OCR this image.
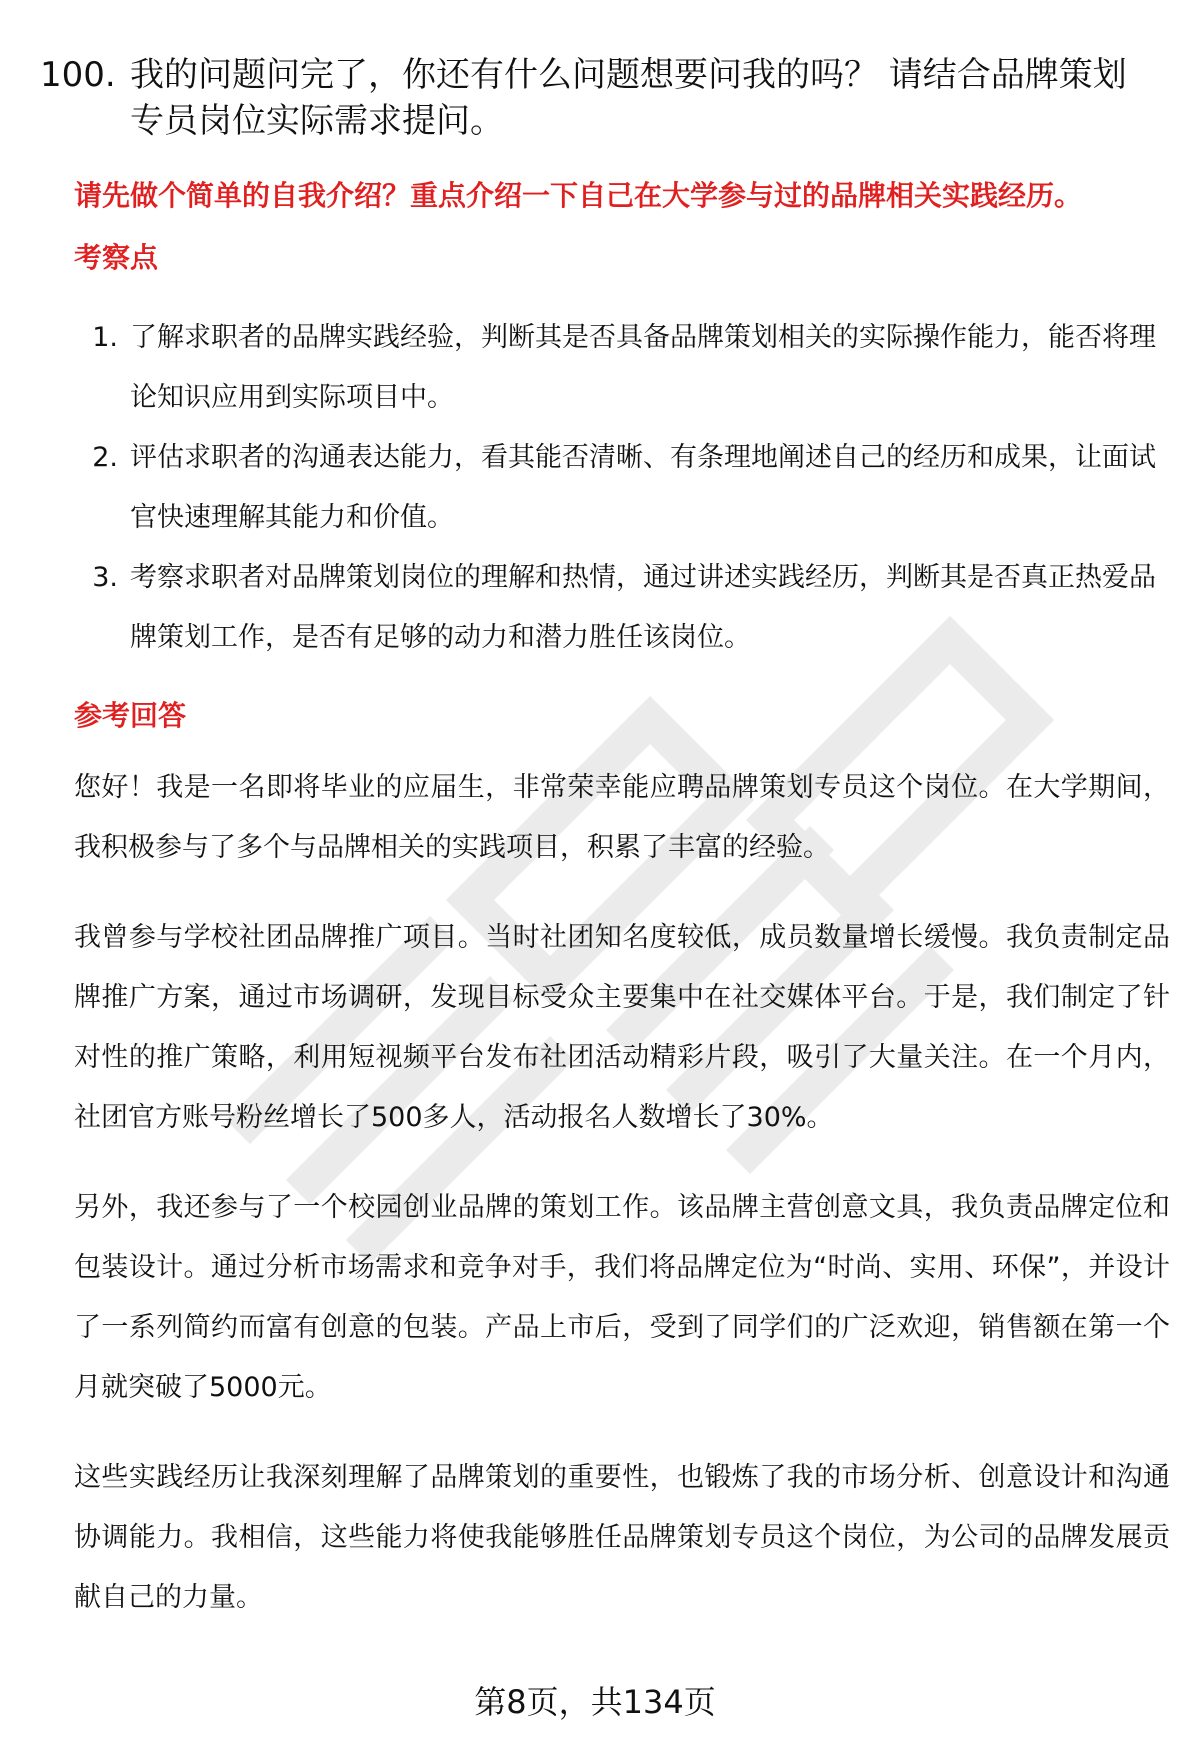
100. 我的问题问完了，你还有什么问题想要问我的吗？ 请结合品牌策划专员岗位实际需求提问。
请先做个简单的自我介绍？重点介绍一下自己在大学参与过的品牌相关实践经历。
考察点
1. 了解求职者的品牌实践经验，判断其是否具备品牌策划相关的实际操作能力，能否将理论知识应用到实际项目中。
2. 评估求职者的沟通表达能力，看其能否清晰、有条理地阐述自己的经历和成果，让面试官快速理解其能力和价值。
3. 考察求职者对品牌策划岗位的理解和热情，通过讲述实践经历，判断其是否真正热爱品牌策划工作，是否有足够的动力和潜力胜任该岗位。
参考回答

您好！我是一名即将毕业的应届生，非常荣幸能应聘品牌策划专员这个岗位。在大学期间，我积极参与了多个与品牌相关的实践项目，积累了丰富的经验。

我曾参与学校社团品牌推广项目。当时社团知名度较低，成员数量增长缓慢。我负责制定品牌推广方案，通过市场调研，发现目标受众主要集中在社交媒体平台。于是，我们制定了针对性的推广策略，利用短视频平台发布社团活动精彩片段，吸引了大量关注。在一个月内，社团官方账号粉丝增长了500多人，活动报名人数增长了30%。

另外，我还参与了一个校园创业品牌的策划工作。该品牌主营创意文具，我负责品牌定位和包装设计。通过分析市场需求和竞争对手，我们将品牌定位为“时尚、实用、环保”，并设计了一系列简约而富有创意的包装。产品上市后，受到了同学们的广泛欢迎，销售额在第一个月就突破了5000元。

这些实践经历让我深刻理解了品牌策划的重要性，也锻炼了我的市场分析、创意设计和沟通协调能力。我相信，这些能力将使我能够胜任品牌策划专员这个岗位，为公司的品牌发展贡献自己的力量。

第8页，共134页
